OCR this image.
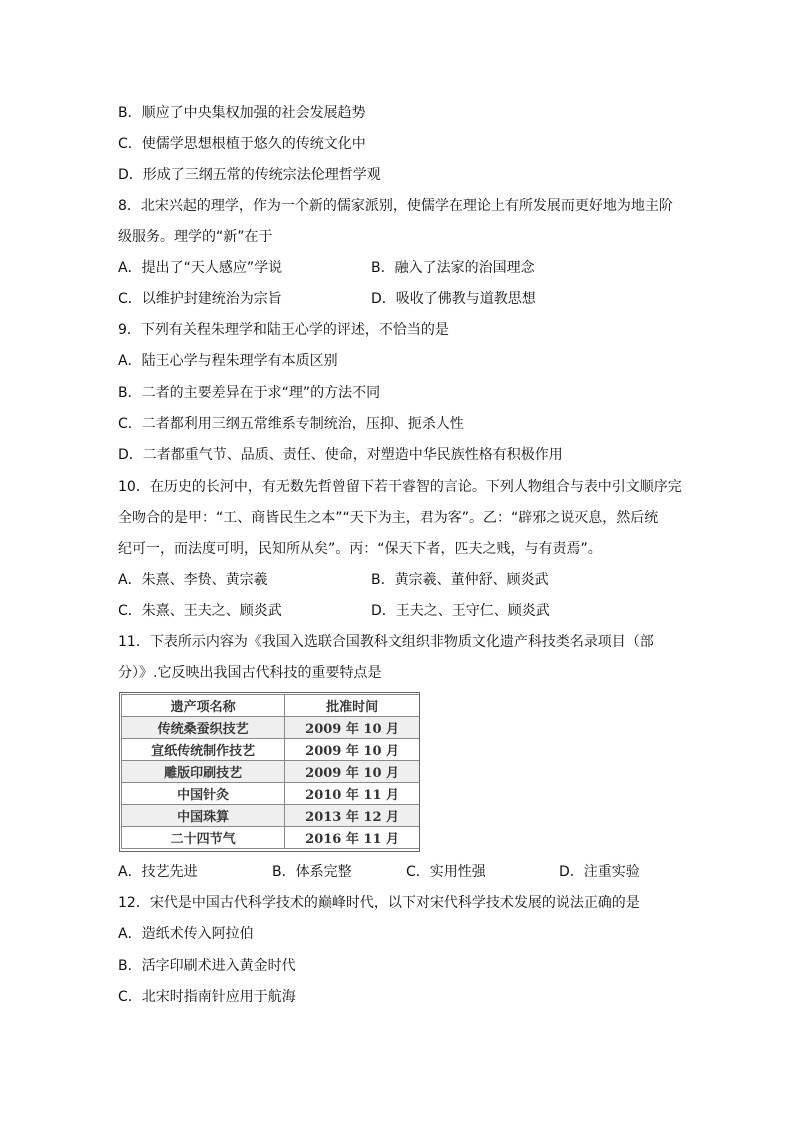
B．顺应了中央集权加强的社会发展趋势
C．使儒学思想根植于悠久的传统文化中
D．形成了三纲五常的传统宗法伦理哲学观
8．北宋兴起的理学，作为一个新的儒家派别，使儒学在理论上有所发展而更好地为地主阶
级服务。理学的“新”在于
A．提出了“天人感应”学说	B．融入了法家的治国理念
C．以维护封建统治为宗旨	D．吸收了佛教与道教思想
9．下列有关程朱理学和陆王心学的评述，不恰当的是
A．陆王心学与程朱理学有本质区别
B．二者的主要差异在于求“理”的方法不同
C．二者都利用三纲五常维系专制统治，压抑、扼杀人性
D．二者都重气节、品质、责任、使命，对塑造中华民族性格有积极作用
10．在历史的长河中，有无数先哲曾留下若干睿智的言论。下列人物组合与表中引文顺序完
全吻合的是甲：“工、商皆民生之本”“天下为主，君为客”。乙：“辟邪之说灭息，然后统
纪可一，而法度可明，民知所从矣”。丙：“保天下者，匹夫之贱，与有责焉”。
A．朱熹、李贽、黄宗羲	B．黄宗羲、董仲舒、顾炎武
C．朱熹、王夫之、顾炎武	D．王夫之、王守仁、顾炎武
11．下表所示内容为《我国入选联合国教科文组织非物质文化遗产科技类名录项目（部
分）》.它反映出我国古代科技的重要特点是
遗产项名称	批准时间
传统桑蚕织技艺	2009 年 10 月
宣纸传统制作技艺	2009 年 10 月
雕版印刷技艺	2009 年 10 月
中国针灸	2010 年 11 月
中国珠算	2013 年 12 月
二十四节气	2016 年 11 月
A．技艺先进	B．体系完整	C．实用性强	D．注重实验
12．宋代是中国古代科学技术的巅峰时代，以下对宋代科学技术发展的说法正确的是
A．造纸术传入阿拉伯
B．活字印刷术进入黄金时代
C．北宋时指南针应用于航海
